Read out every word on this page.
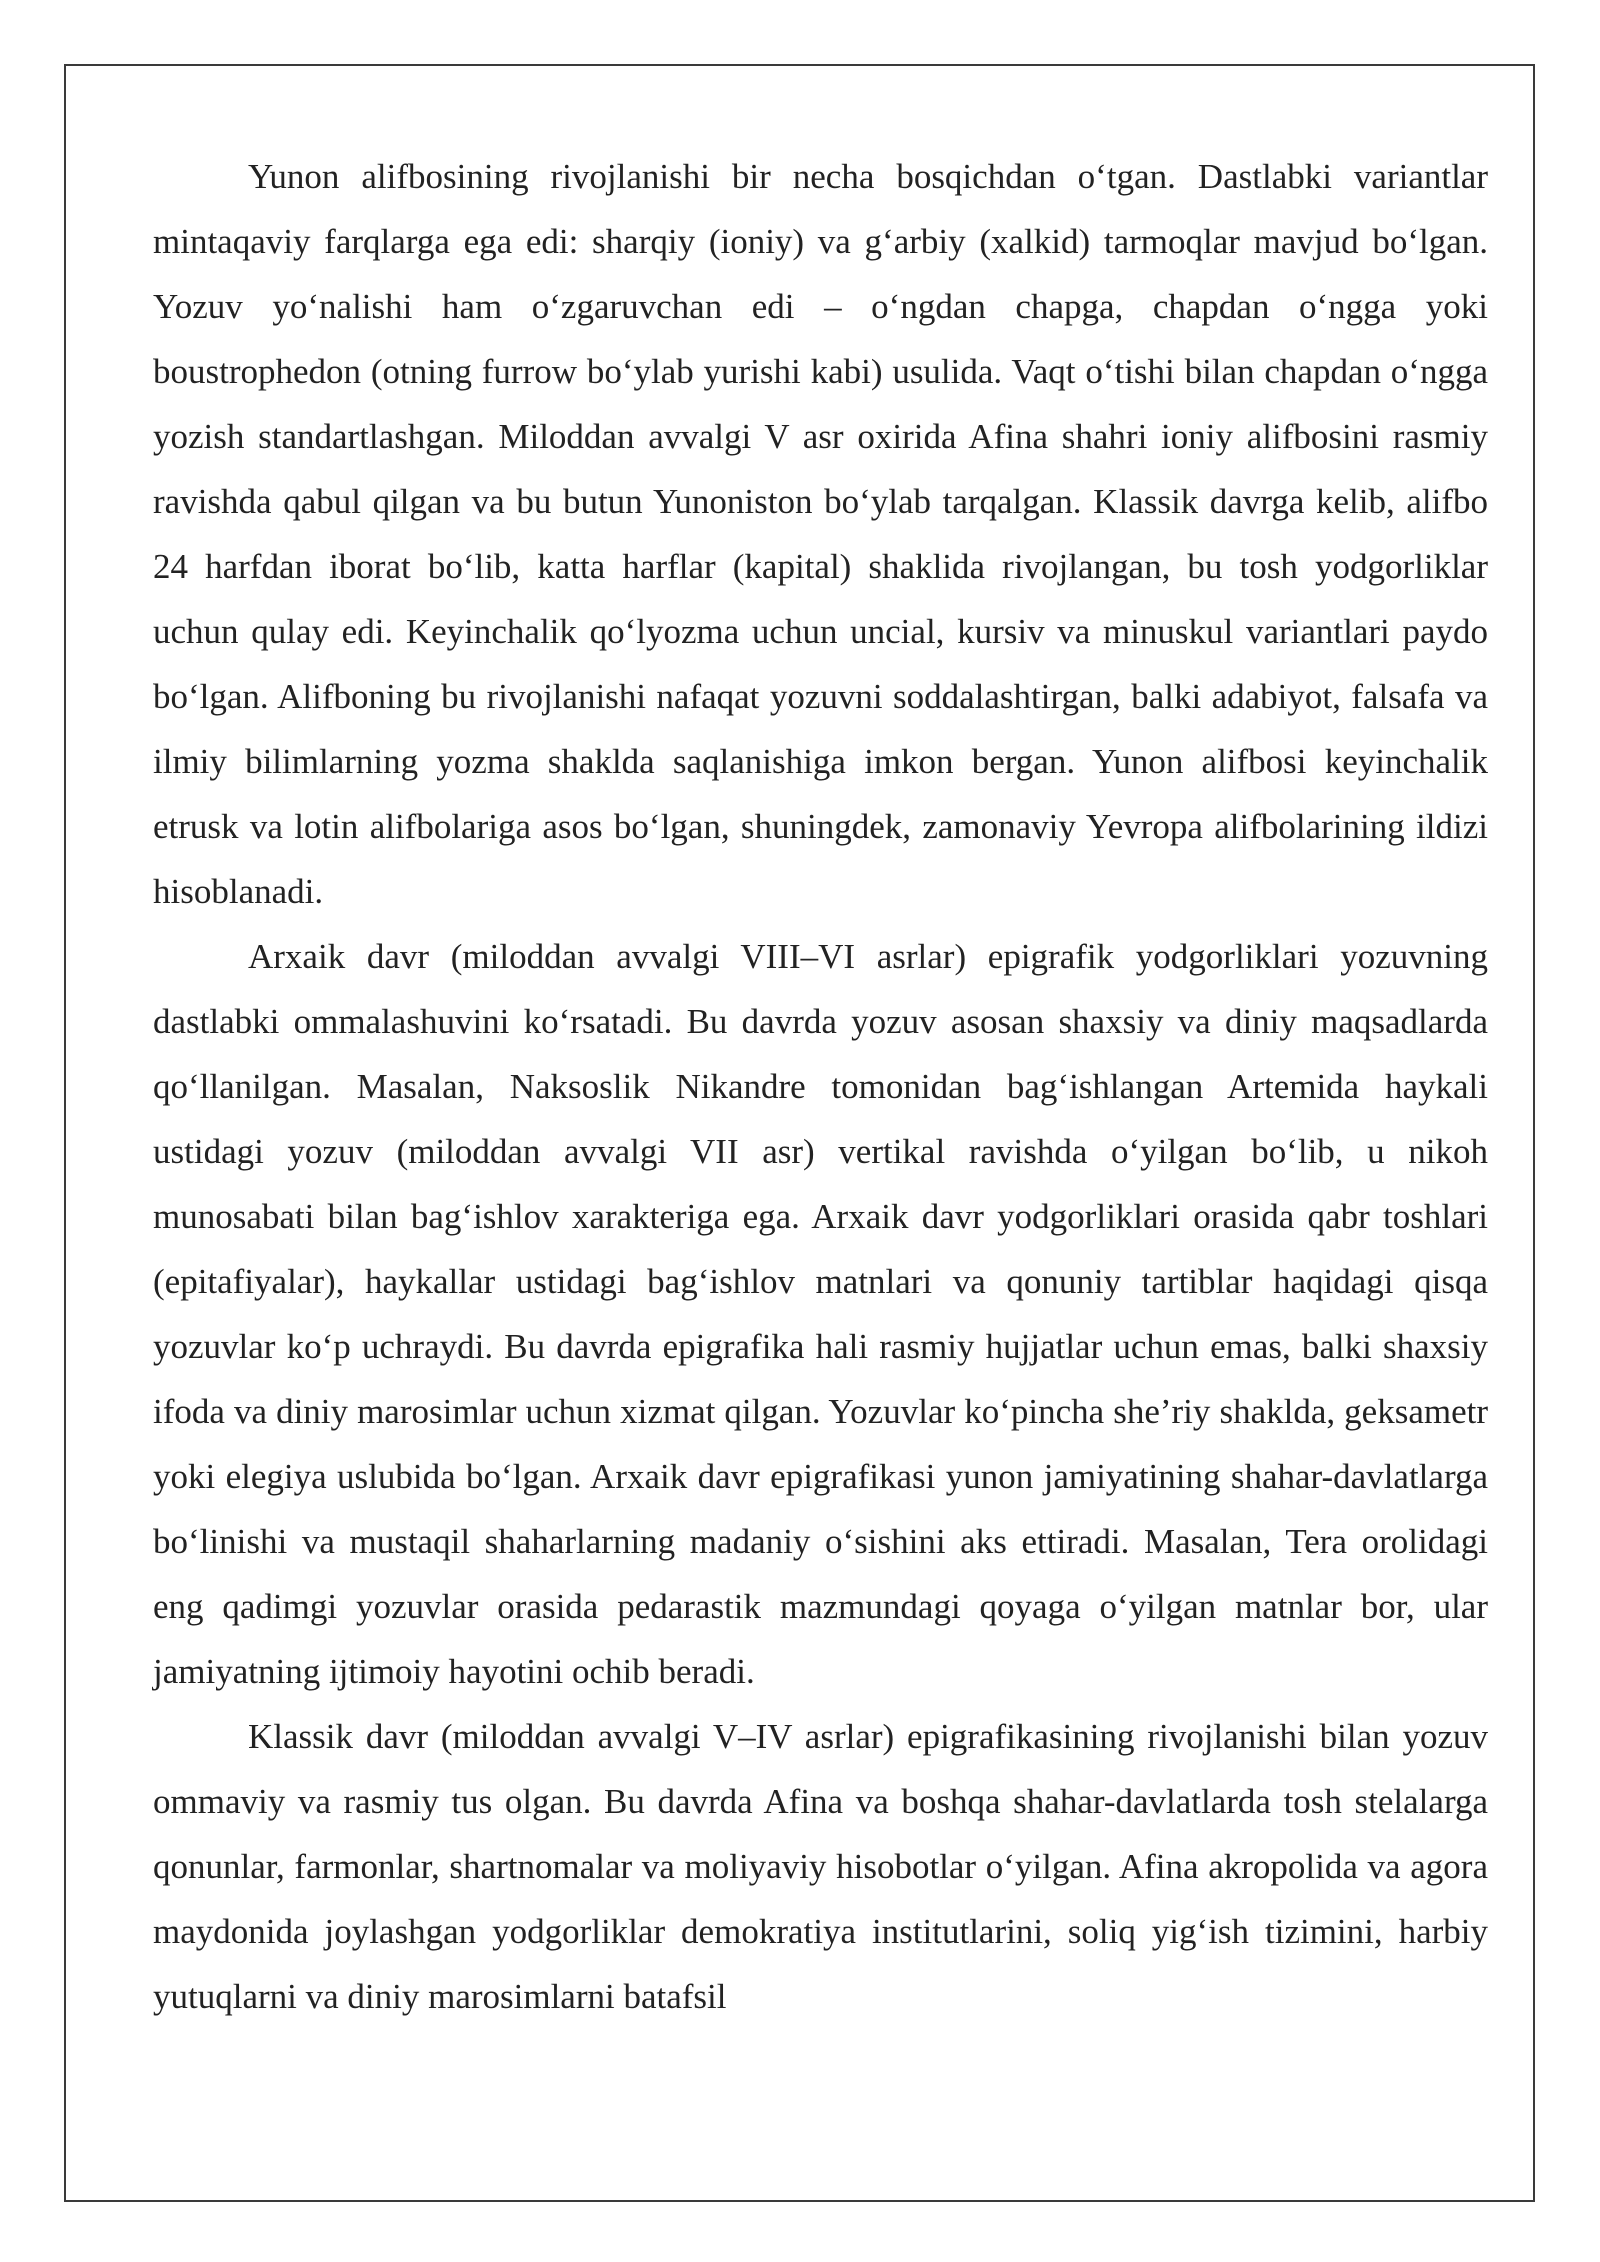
Yunon alifbosining rivojlanishi bir necha bosqichdan o‘tgan. Dastlabki variantlar mintaqaviy farqlarga ega edi: sharqiy (ioniy) va g‘arbiy (xalkid) tarmoqlar mavjud bo‘lgan. Yozuv yo‘nalishi ham o‘zgaruvchan edi – o‘ngdan chapga, chapdan o‘ngga yoki boustrophedon (otning furrow bo‘ylab yurishi kabi) usulida. Vaqt o‘tishi bilan chapdan o‘ngga yozish standartlashgan. Miloddan avvalgi V asr oxirida Afina shahri ioniy alifbosini rasmiy ravishda qabul qilgan va bu butun Yunoniston bo‘ylab tarqalgan. Klassik davrga kelib, alifbo 24 harfdan iborat bo‘lib, katta harflar (kapital) shaklida rivojlangan, bu tosh yodgorliklar uchun qulay edi. Keyinchalik qo‘lyozma uchun uncial, kursiv va minuskul variantlari paydo bo‘lgan. Alifboning bu rivojlanishi nafaqat yozuvni soddalashtirgan, balki adabiyot, falsafa va ilmiy bilimlarning yozma shaklda saqlanishiga imkon bergan. Yunon alifbosi keyinchalik etrusk va lotin alifbolariga asos bo‘lgan, shuningdek, zamonaviy Yevropa alifbolarining ildizi hisoblanadi.

Arxaik davr (miloddan avvalgi VIII–VI asrlar) epigrafik yodgorliklari yozuvning dastlabki ommalashuvini ko‘rsatadi. Bu davrda yozuv asosan shaxsiy va diniy maqsadlarda qo‘llanilgan. Masalan, Naksoslik Nikandre tomonidan bag‘ishlangan Artemida haykali ustidagi yozuv (miloddan avvalgi VII asr) vertikal ravishda o‘yilgan bo‘lib, u nikoh munosabati bilan bag‘ishlov xarakteriga ega. Arxaik davr yodgorliklari orasida qabr toshlari (epitafiyalar), haykallar ustidagi bag‘ishlov matnlari va qonuniy tartiblar haqidagi qisqa yozuvlar ko‘p uchraydi. Bu davrda epigrafika hali rasmiy hujjatlar uchun emas, balki shaxsiy ifoda va diniy marosimlar uchun xizmat qilgan. Yozuvlar ko‘pincha she’riy shaklda, geksametr yoki elegiya uslubida bo‘lgan. Arxaik davr epigrafikasi yunon jamiyatining shahar-davlatlarga bo‘linishi va mustaqil shaharlarning madaniy o‘sishini aks ettiradi. Masalan, Tera orolidagi eng qadimgi yozuvlar orasida pedarastik mazmundagi qoyaga o‘yilgan matnlar bor, ular jamiyatning ijtimoiy hayotini ochib beradi.

Klassik davr (miloddan avvalgi V–IV asrlar) epigrafikasining rivojlanishi bilan yozuv ommaviy va rasmiy tus olgan. Bu davrda Afina va boshqa shahar-davlatlarda tosh stelalarga qonunlar, farmonlar, shartnomalar va moliyaviy hisobotlar o‘yilgan. Afina akropolida va agora maydonida joylashgan yodgorliklar demokratiya institutlarini, soliq yig‘ish tizimini, harbiy yutuqlarni va diniy marosimlarni batafsil
